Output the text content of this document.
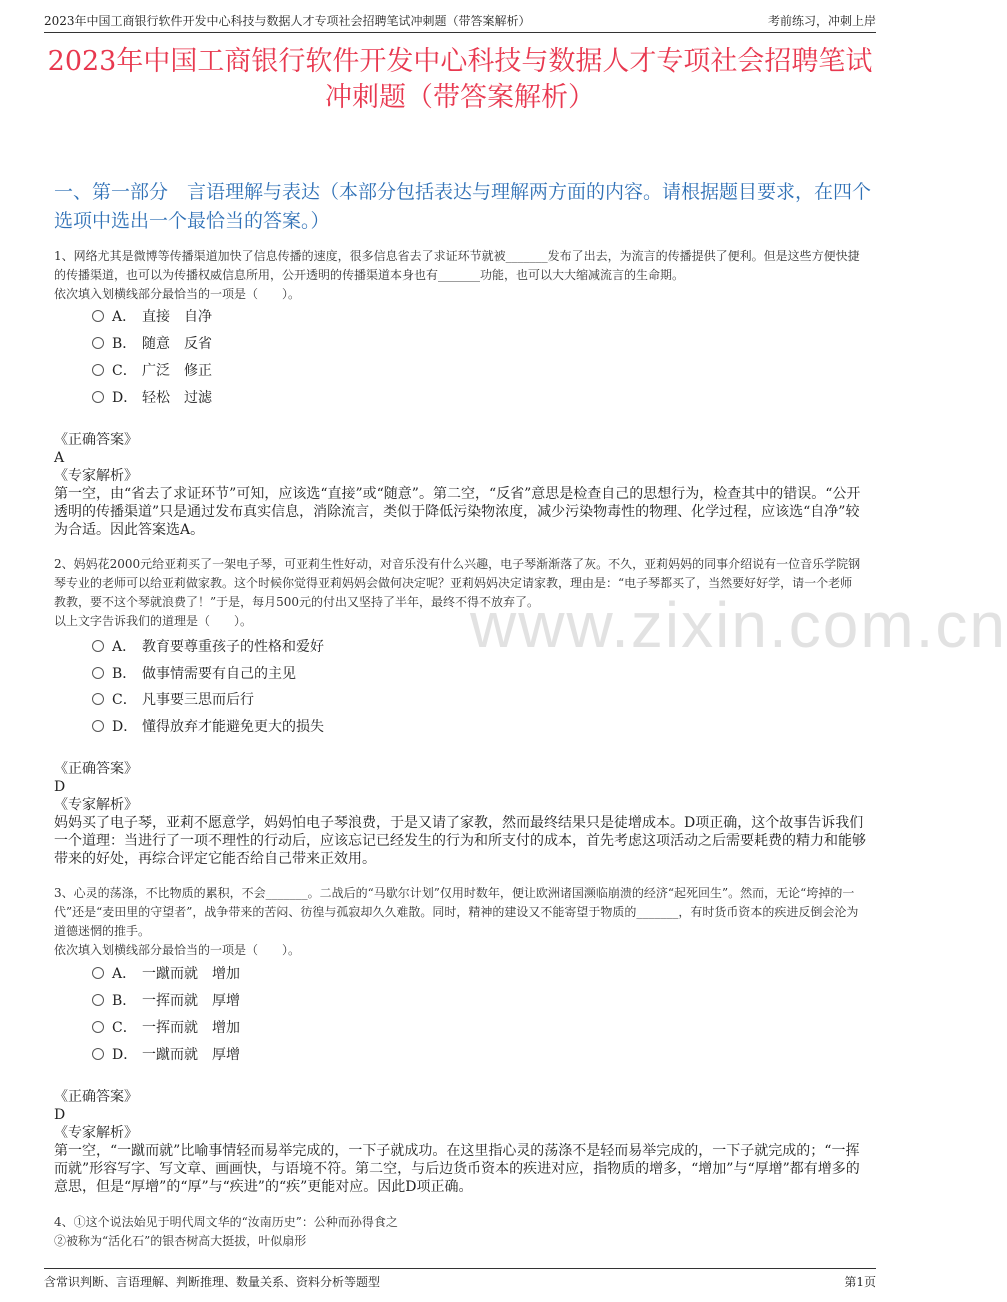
2023年中国工商银行软件开发中心科技与数据人才专项社会招聘笔试冲刺题（带答案解析）	考前练习，冲刺上岸
2023年中国工商银行软件开发中心科技与数据人才专项社会招聘笔试冲刺题（带答案解析）
一、第一部分　言语理解与表达（本部分包括表达与理解两方面的内容。请根据题目要求，在四个选项中选出一个最恰当的答案。）
www.zixin.com.cn
1、网络尤其是微博等传播渠道加快了信息传播的速度，很多信息省去了求证环节就被_______发布了出去，为流言的传播提供了便利。但是这些方便快捷的传播渠道，也可以为传播权威信息所用，公开透明的传播渠道本身也有_______功能，也可以大大缩减流言的生命期。
依次填入划横线部分最恰当的一项是（　　）。
A． 直接　自净
B． 随意　反省
C． 广泛　修正
D． 轻松　过滤
《正确答案》
A
《专家解析》
第一空，由“省去了求证环节”可知，应该选“直接”或“随意”。第二空，“反省”意思是检查自己的思想行为，检查其中的错误。“公开透明的传播渠道”只是通过发布真实信息，消除流言，类似于降低污染物浓度，减少污染物毒性的物理、化学过程，应该选“自净”较为合适。因此答案选A。
2、妈妈花2000元给亚莉买了一架电子琴，可亚莉生性好动，对音乐没有什么兴趣，电子琴渐渐落了灰。不久，亚莉妈妈的同事介绍说有一位音乐学院钢琴专业的老师可以给亚莉做家教。这个时候你觉得亚莉妈妈会做何决定呢？亚莉妈妈决定请家教，理由是：“电子琴都买了，当然要好好学，请一个老师教教，要不这个琴就浪费了！”于是，每月500元的付出又坚持了半年，最终不得不放弃了。
以上文字告诉我们的道理是（　　）。
A． 教育要尊重孩子的性格和爱好
B． 做事情需要有自己的主见
C． 凡事要三思而后行
D． 懂得放弃才能避免更大的损失
《正确答案》
D
《专家解析》
妈妈买了电子琴，亚莉不愿意学，妈妈怕电子琴浪费，于是又请了家教，然而最终结果只是徒增成本。D项正确，这个故事告诉我们一个道理：当进行了一项不理性的行动后，应该忘记已经发生的行为和所支付的成本，首先考虑这项活动之后需要耗费的精力和能够带来的好处，再综合评定它能否给自己带来正效用。
3、心灵的荡涤，不比物质的累积，不会_______。二战后的“马歇尔计划”仅用时数年，便让欧洲诸国濒临崩溃的经济“起死回生”。然而，无论“垮掉的一代”还是“麦田里的守望者”，战争带来的苦闷、彷徨与孤寂却久久难散。同时，精神的建设又不能寄望于物质的_______，有时货币资本的疾进反倒会沦为道德迷惘的推手。
依次填入划横线部分最恰当的一项是（　　）。
A． 一蹴而就　增加
B． 一挥而就　厚增
C． 一挥而就　增加
D． 一蹴而就　厚增
《正确答案》
D
《专家解析》
第一空，“一蹴而就”比喻事情轻而易举完成的，一下子就成功。在这里指心灵的荡涤不是轻而易举完成的，一下子就完成的；“一挥而就”形容写字、写文章、画画快，与语境不符。第二空，与后边货币资本的疾进对应，指物质的增多，“增加”与“厚增”都有增多的意思，但是“厚增”的“厚”与“疾进”的“疾”更能对应。因此D项正确。
4、①这个说法始见于明代周文华的“汝南历史”：公种而孙得食之
②被称为“活化石”的银杏树高大挺拔，叶似扇形
含常识判断、言语理解、判断推理、数量关系、资料分析等题型	第1页
